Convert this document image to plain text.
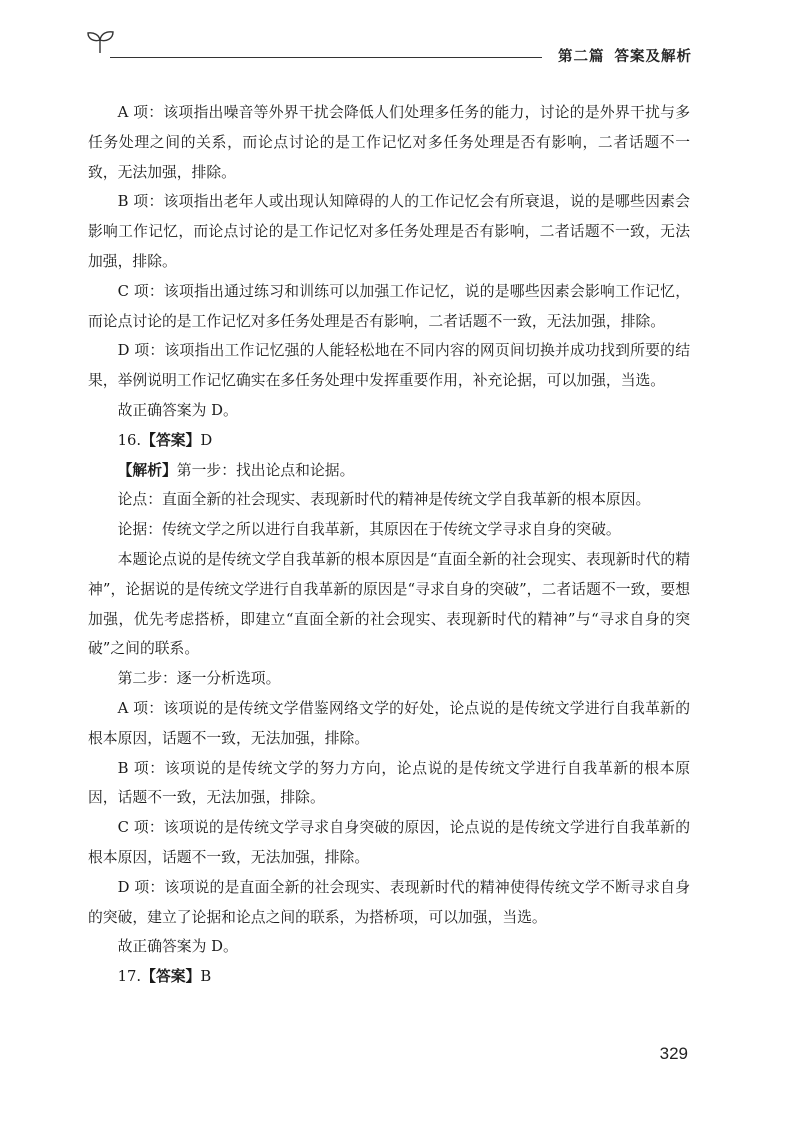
第二篇 答案及解析

A 项：该项指出噪音等外界干扰会降低人们处理多任务的能力，讨论的是外界干扰与多任务处理之间的关系，而论点讨论的是工作记忆对多任务处理是否有影响，二者话题不一致，无法加强，排除。

B 项：该项指出老年人或出现认知障碍的人的工作记忆会有所衰退，说的是哪些因素会影响工作记忆，而论点讨论的是工作记忆对多任务处理是否有影响，二者话题不一致，无法加强，排除。

C 项：该项指出通过练习和训练可以加强工作记忆，说的是哪些因素会影响工作记忆，而论点讨论的是工作记忆对多任务处理是否有影响，二者话题不一致，无法加强，排除。

D 项：该项指出工作记忆强的人能轻松地在不同内容的网页间切换并成功找到所要的结果，举例说明工作记忆确实在多任务处理中发挥重要作用，补充论据，可以加强，当选。

故正确答案为 D。

16.【答案】D

【解析】第一步：找出论点和论据。

论点：直面全新的社会现实、表现新时代的精神是传统文学自我革新的根本原因。

论据：传统文学之所以进行自我革新，其原因在于传统文学寻求自身的突破。

本题论点说的是传统文学自我革新的根本原因是“直面全新的社会现实、表现新时代的精神”，论据说的是传统文学进行自我革新的原因是“寻求自身的突破”，二者话题不一致，要想加强，优先考虑搭桥，即建立“直面全新的社会现实、表现新时代的精神”与“寻求自身的突破”之间的联系。

第二步：逐一分析选项。

A 项：该项说的是传统文学借鉴网络文学的好处，论点说的是传统文学进行自我革新的根本原因，话题不一致，无法加强，排除。

B 项：该项说的是传统文学的努力方向，论点说的是传统文学进行自我革新的根本原因，话题不一致，无法加强，排除。

C 项：该项说的是传统文学寻求自身突破的原因，论点说的是传统文学进行自我革新的根本原因，话题不一致，无法加强，排除。

D 项：该项说的是直面全新的社会现实、表现新时代的精神使得传统文学不断寻求自身的突破，建立了论据和论点之间的联系，为搭桥项，可以加强，当选。

故正确答案为 D。

17.【答案】B

329
